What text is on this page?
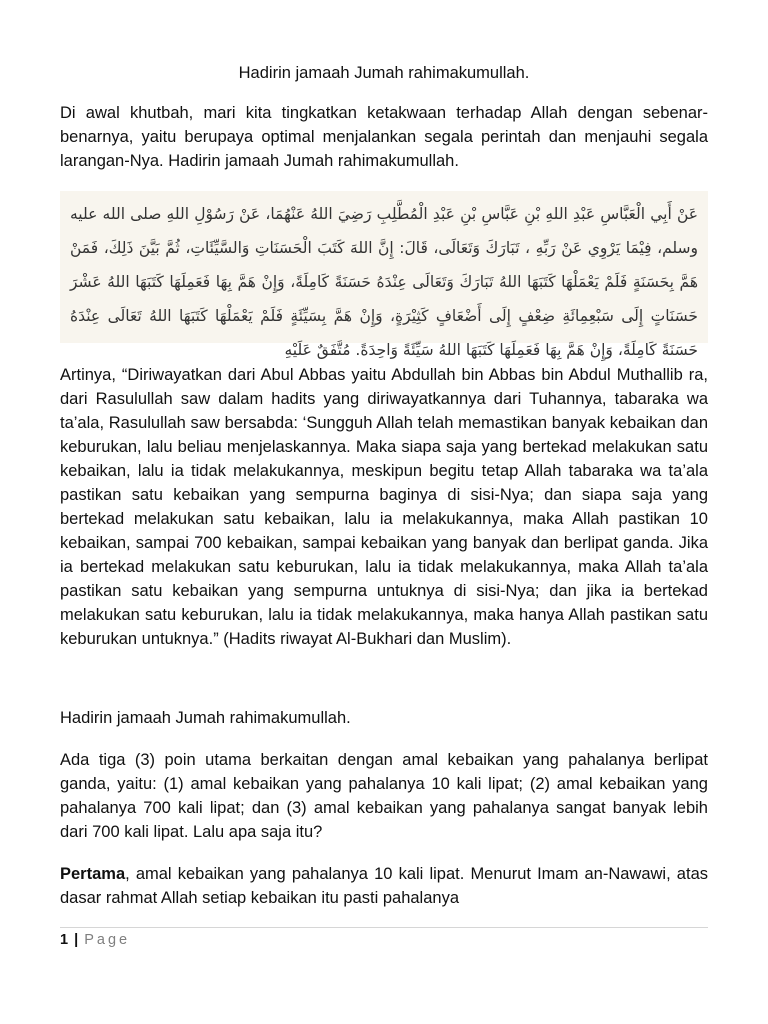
Hadirin jamaah Jumah rahimakumullah.

Di awal khutbah, mari kita tingkatkan ketakwaan terhadap Allah dengan sebenar-benarnya, yaitu berupaya optimal menjalankan segala perintah dan menjauhi segala larangan-Nya. Hadirin jamaah Jumah rahimakumullah.

عَنْ أَبِي الْعَبَّاسِ عَبْدِ اللهِ بْنِ عَبَّاسِ بْنِ عَبْدِ الْمُطَّلِبِ رَضِيَ اللهُ عَنْهُمَا، عَنْ رَسُوْلِ اللهِ صلى الله عليه وسلم، فِيْمَا يَرْوِي عَنْ رَبِّهِ ، تَبَارَكَ وَتَعَالَى، قَالَ: إِنَّ اللهَ كَتَبَ الْحَسَنَاتِ وَالسَّيِّئَاتِ، ثُمَّ بَيَّنَ ذَلِكَ، فَمَنْ هَمَّ بِحَسَنَةٍ فَلَمْ يَعْمَلْهَا كَتَبَهَا اللهُ تَبَارَكَ وَتَعَالَى عِنْدَهُ حَسَنَةً كَامِلَةً، وَإِنْ هَمَّ بِهَا فَعَمِلَهَا كَتَبَهَا اللهُ عَشْرَ حَسَنَاتٍ إِلَى سَبْعِمِائَةِ ضِعْفٍ إِلَى أَضْعَافٍ كَثِيْرَةٍ، وَإِنْ هَمَّ بِسَيِّئَةٍ فَلَمْ يَعْمَلْهَا كَتَبَهَا اللهُ تَعَالَى عِنْدَهُ حَسَنَةً كَامِلَةً، وَإِنْ هَمَّ بِهَا فَعَمِلَهَا كَتَبَهَا اللهُ سَيِّئَةً وَاحِدَةً. مُتَّفَقٌ عَلَيْهِ

Artinya, “Diriwayatkan dari Abul Abbas yaitu Abdullah bin Abbas bin Abdul Muthallib ra, dari Rasulullah saw dalam hadits yang diriwayatkannya dari Tuhannya, tabaraka wa ta’ala, Rasulullah saw bersabda: ‘Sungguh Allah telah memastikan banyak kebaikan dan keburukan, lalu beliau menjelaskannya. Maka siapa saja yang bertekad melakukan satu kebaikan, lalu ia tidak melakukannya, meskipun begitu tetap Allah tabaraka wa ta’ala pastikan satu kebaikan yang sempurna baginya di sisi-Nya; dan siapa saja yang bertekad melakukan satu kebaikan, lalu ia melakukannya, maka Allah pastikan 10 kebaikan, sampai 700 kebaikan, sampai kebaikan yang banyak dan berlipat ganda. Jika ia bertekad melakukan satu keburukan, lalu ia tidak melakukannya, maka Allah ta’ala pastikan satu kebaikan yang sempurna untuknya di sisi-Nya; dan jika ia bertekad melakukan satu keburukan, lalu ia tidak melakukannya, maka hanya Allah pastikan satu keburukan untuknya.” (Hadits riwayat Al-Bukhari dan Muslim).

Hadirin jamaah Jumah rahimakumullah.

Ada tiga (3) poin utama berkaitan dengan amal kebaikan yang pahalanya berlipat ganda, yaitu: (1) amal kebaikan yang pahalanya 10 kali lipat; (2) amal kebaikan yang pahalanya 700 kali lipat; dan (3) amal kebaikan yang pahalanya sangat banyak lebih dari 700 kali lipat. Lalu apa saja itu?

Pertama, amal kebaikan yang pahalanya 10 kali lipat. Menurut Imam an-Nawawi, atas dasar rahmat Allah setiap kebaikan itu pasti pahalanya

1 | Page
